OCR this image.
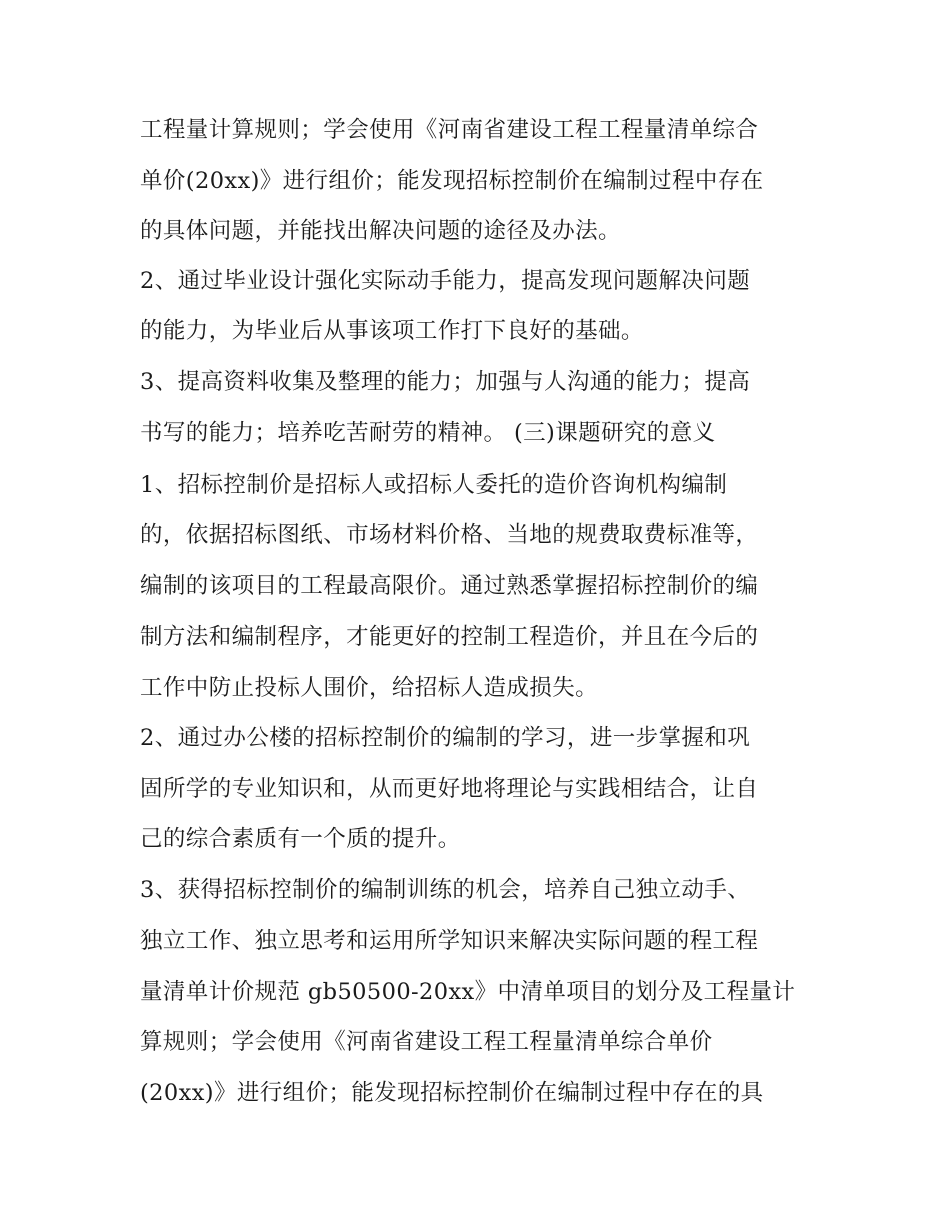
工程量计算规则；学会使用《河南省建设工程工程量清单综合
单价(20xx)》进行组价；能发现招标控制价在编制过程中存在
的具体问题，并能找出解决问题的途径及办法。
2、通过毕业设计强化实际动手能力，提高发现问题解决问题
的能力，为毕业后从事该项工作打下良好的基础。
3、提高资料收集及整理的能力；加强与人沟通的能力；提高
书写的能力；培养吃苦耐劳的精神。 (三)课题研究的意义
1、招标控制价是招标人或招标人委托的造价咨询机构编制
的，依据招标图纸、市场材料价格、当地的规费取费标准等，
编制的该项目的工程最高限价。通过熟悉掌握招标控制价的编
制方法和编制程序，才能更好的控制工程造价，并且在今后的
工作中防止投标人围价，给招标人造成损失。
2、通过办公楼的招标控制价的编制的学习，进一步掌握和巩
固所学的专业知识和，从而更好地将理论与实践相结合，让自
己的综合素质有一个质的提升。
3、获得招标控制价的编制训练的机会，培养自己独立动手、
独立工作、独立思考和运用所学知识来解决实际问题的程工程
量清单计价规范 gb50500-20xx》中清单项目的划分及工程量计
算规则；学会使用《河南省建设工程工程量清单综合单价
(20xx)》进行组价；能发现招标控制价在编制过程中存在的具
